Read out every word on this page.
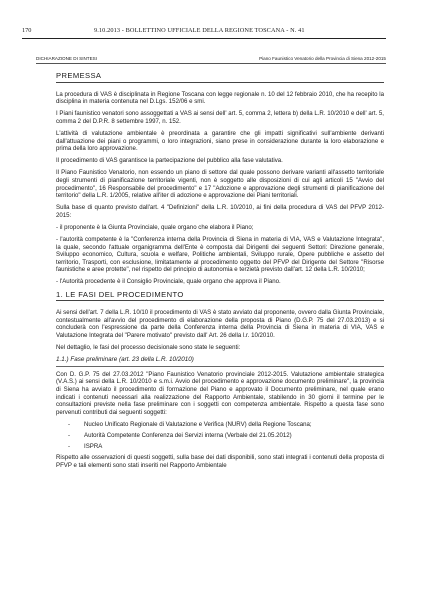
170	9.10.2013 - BOLLETTINO UFFICIALE DELLA REGIONE TOSCANA - N. 41
DICHIARAZIONE DI SINTESI	Piano Faunistico Venatorio della Provincia di Siena 2012-2015
PREMESSA

La procedura di VAS è disciplinata in Regione Toscana con legge regionale n. 10 del 12 febbraio 2010, che ha recepito la disciplina in materia contenuta nel D.Lgs. 152/06 e smi.

I Piani faunistico venatori sono assoggettati a VAS ai sensi dell' art. 5, comma 2, lettera b) della L.R. 10/2010 e dell' art. 5, comma 2 del D.P.R. 8 settembre 1997, n. 152.

L'attività di valutazione ambientale è preordinata a garantire che gli impatti significativi sull'ambiente derivanti dall'attuazione dei piani o programmi, o loro integrazioni, siano prese in considerazione durante la loro elaborazione e prima della loro approvazione.

Il procedimento di VAS garantisce la partecipazione del pubblico alla fase valutativa.

Il Piano Faunistico Venatorio, non essendo un piano di settore dal quale possono derivare varianti all'assetto territoriale degli strumenti di pianificazione territoriale vigenti, non è soggetto alle disposizioni di cui agli articoli 15 "Avvio del procedimento", 16 Responsabile del procedimento" e 17 "Adozione e approvazione degli strumenti di pianificazione del territorio" della L.R. 1/2005, relative all'iter di adozione e approvazione dei Piani territoriali.

Sulla base di quanto previsto dall'art. 4 "Definizioni" della L.R. 10/2010, ai fini della procedura di VAS del PFVP 2012-2015:

- il proponente è la Giunta Provinciale, quale organo che elabora il Piano;

- l'autorità competente è la "Conferenza interna della Provincia di Siena in materia di VIA, VAS e Valutazione Integrata", la quale, secondo l'attuale organigramma dell'Ente è composta dai Dirigenti dei seguenti Settori: Direzione generale, Sviluppo economico, Cultura, scuola e welfare, Politiche ambientali, Sviluppo rurale, Opere pubbliche e assetto del territorio, Trasporti, con esclusione, limitatamente al procedimento oggetto del PFVP del Dirigente del Settore "Risorse faunistiche e aree protette", nel rispetto del principio di autonomia e terzietà previsto dall'art. 12 della L.R. 10/2010;

- l'Autorità procedente è il Consiglio Provinciale, quale organo che approva il Piano.

1. LE FASI DEL PROCEDIMENTO

Ai sensi dell'art. 7 della L.R. 10/10 il procedimento di VAS è stato avviato dal proponente, ovvero dalla Giunta Provinciale, contestualmente all'avvio del procedimento di elaborazione della proposta di Piano (D.G.P. 75 del 27.03.2013) e si concluderà con l'espressione da parte della Conferenza interna della Provincia di Siena in materia di VIA, VAS e Valutazione Integrata del "Parere motivato" previsto dall' Art. 26 della l.r. 10/2010.

Nel dettaglio, le fasi del processo decisionale sono state le seguenti:

1.1.) Fase preliminare (art. 23 della L.R. 10/2010)

Con D. G.P. 75 del 27.03.2012 "Piano Faunistico Venatorio provinciale 2012-2015. Valutazione ambientale strategica (V.A.S.) ai sensi della L.R. 10/2010 e s.m.i. Avvio del procedimento e approvazione documento preliminare", la provincia di Siena ha avviato il procedimento di formazione del Piano e approvato il Documento preliminare, nel quale erano indicati i contenuti necessari alla realizzazione del Rapporto Ambientale, stabilendo in 30 giorni il termine per le consultazioni previste nella fase preliminare con i soggetti con competenza ambientale. Rispetto a questa fase sono pervenuti contributi dai seguenti soggetti:

- Nucleo Unificato Regionale di Valutazione e Verifica (NURV) della Regione Toscana;
- Autorità Competente Conferenza dei Servizi interna (Verbale del 21.05.2012)
- ISPRA

Rispetto alle osservazioni di questi soggetti, sulla base dei dati disponibili, sono stati integrati i contenuti della proposta di PFVP e tali elementi sono stati inseriti nel Rapporto Ambientale
